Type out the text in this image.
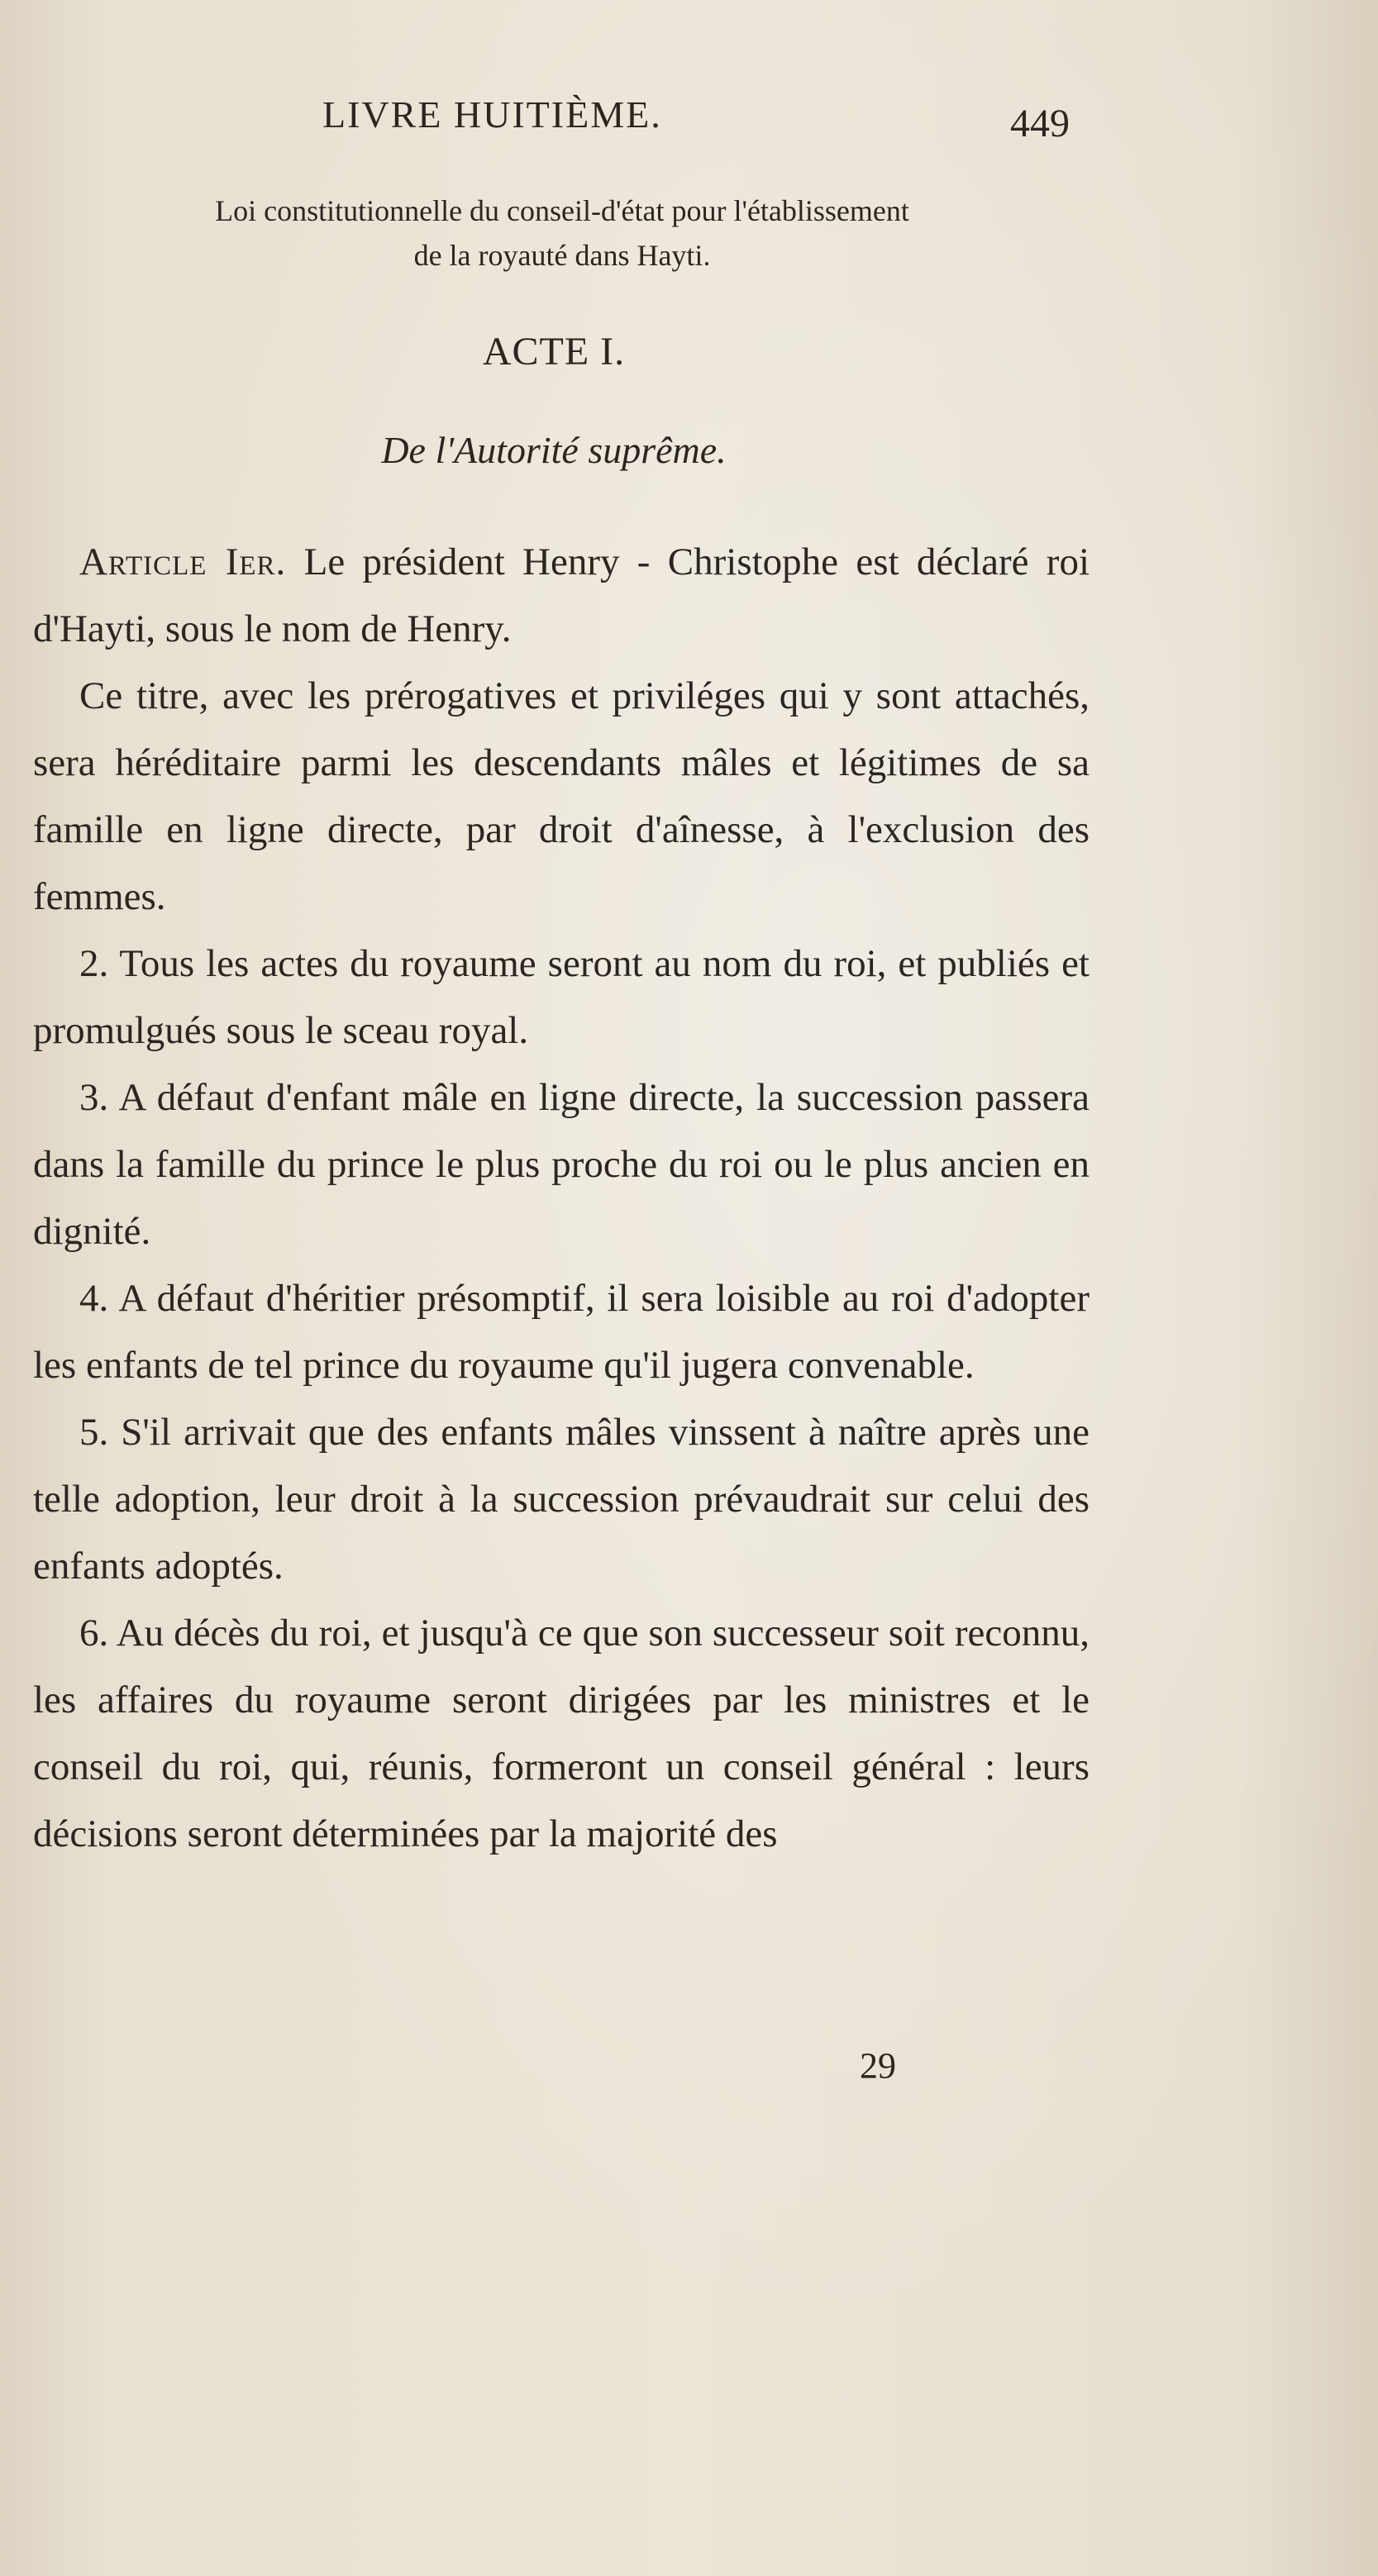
LIVRE HUITIÈME.	449
Loi constitutionnelle du conseil-d'état pour l'établissement
de la royauté dans Hayti.
ACTE I.
De l'Autorité suprême.

Article Ier. Le président Henry - Christophe est déclaré roi d'Hayti, sous le nom de Henry.

Ce titre, avec les prérogatives et priviléges qui y sont attachés, sera héréditaire parmi les descendants mâles et légitimes de sa famille en ligne directe, par droit d'aînesse, à l'exclusion des femmes.

2. Tous les actes du royaume seront au nom du roi, et publiés et promulgués sous le sceau royal.

3. A défaut d'enfant mâle en ligne directe, la succession passera dans la famille du prince le plus proche du roi ou le plus ancien en dignité.

4. A défaut d'héritier présomptif, il sera loisible au roi d'adopter les enfants de tel prince du royaume qu'il jugera convenable.

5. S'il arrivait que des enfants mâles vinssent à naître après une telle adoption, leur droit à la succession prévaudrait sur celui des enfants adoptés.

6. Au décès du roi, et jusqu'à ce que son successeur soit reconnu, les affaires du royaume seront dirigées par les ministres et le conseil du roi, qui, réunis, formeront un conseil général : leurs décisions seront déterminées par la majorité des

29
